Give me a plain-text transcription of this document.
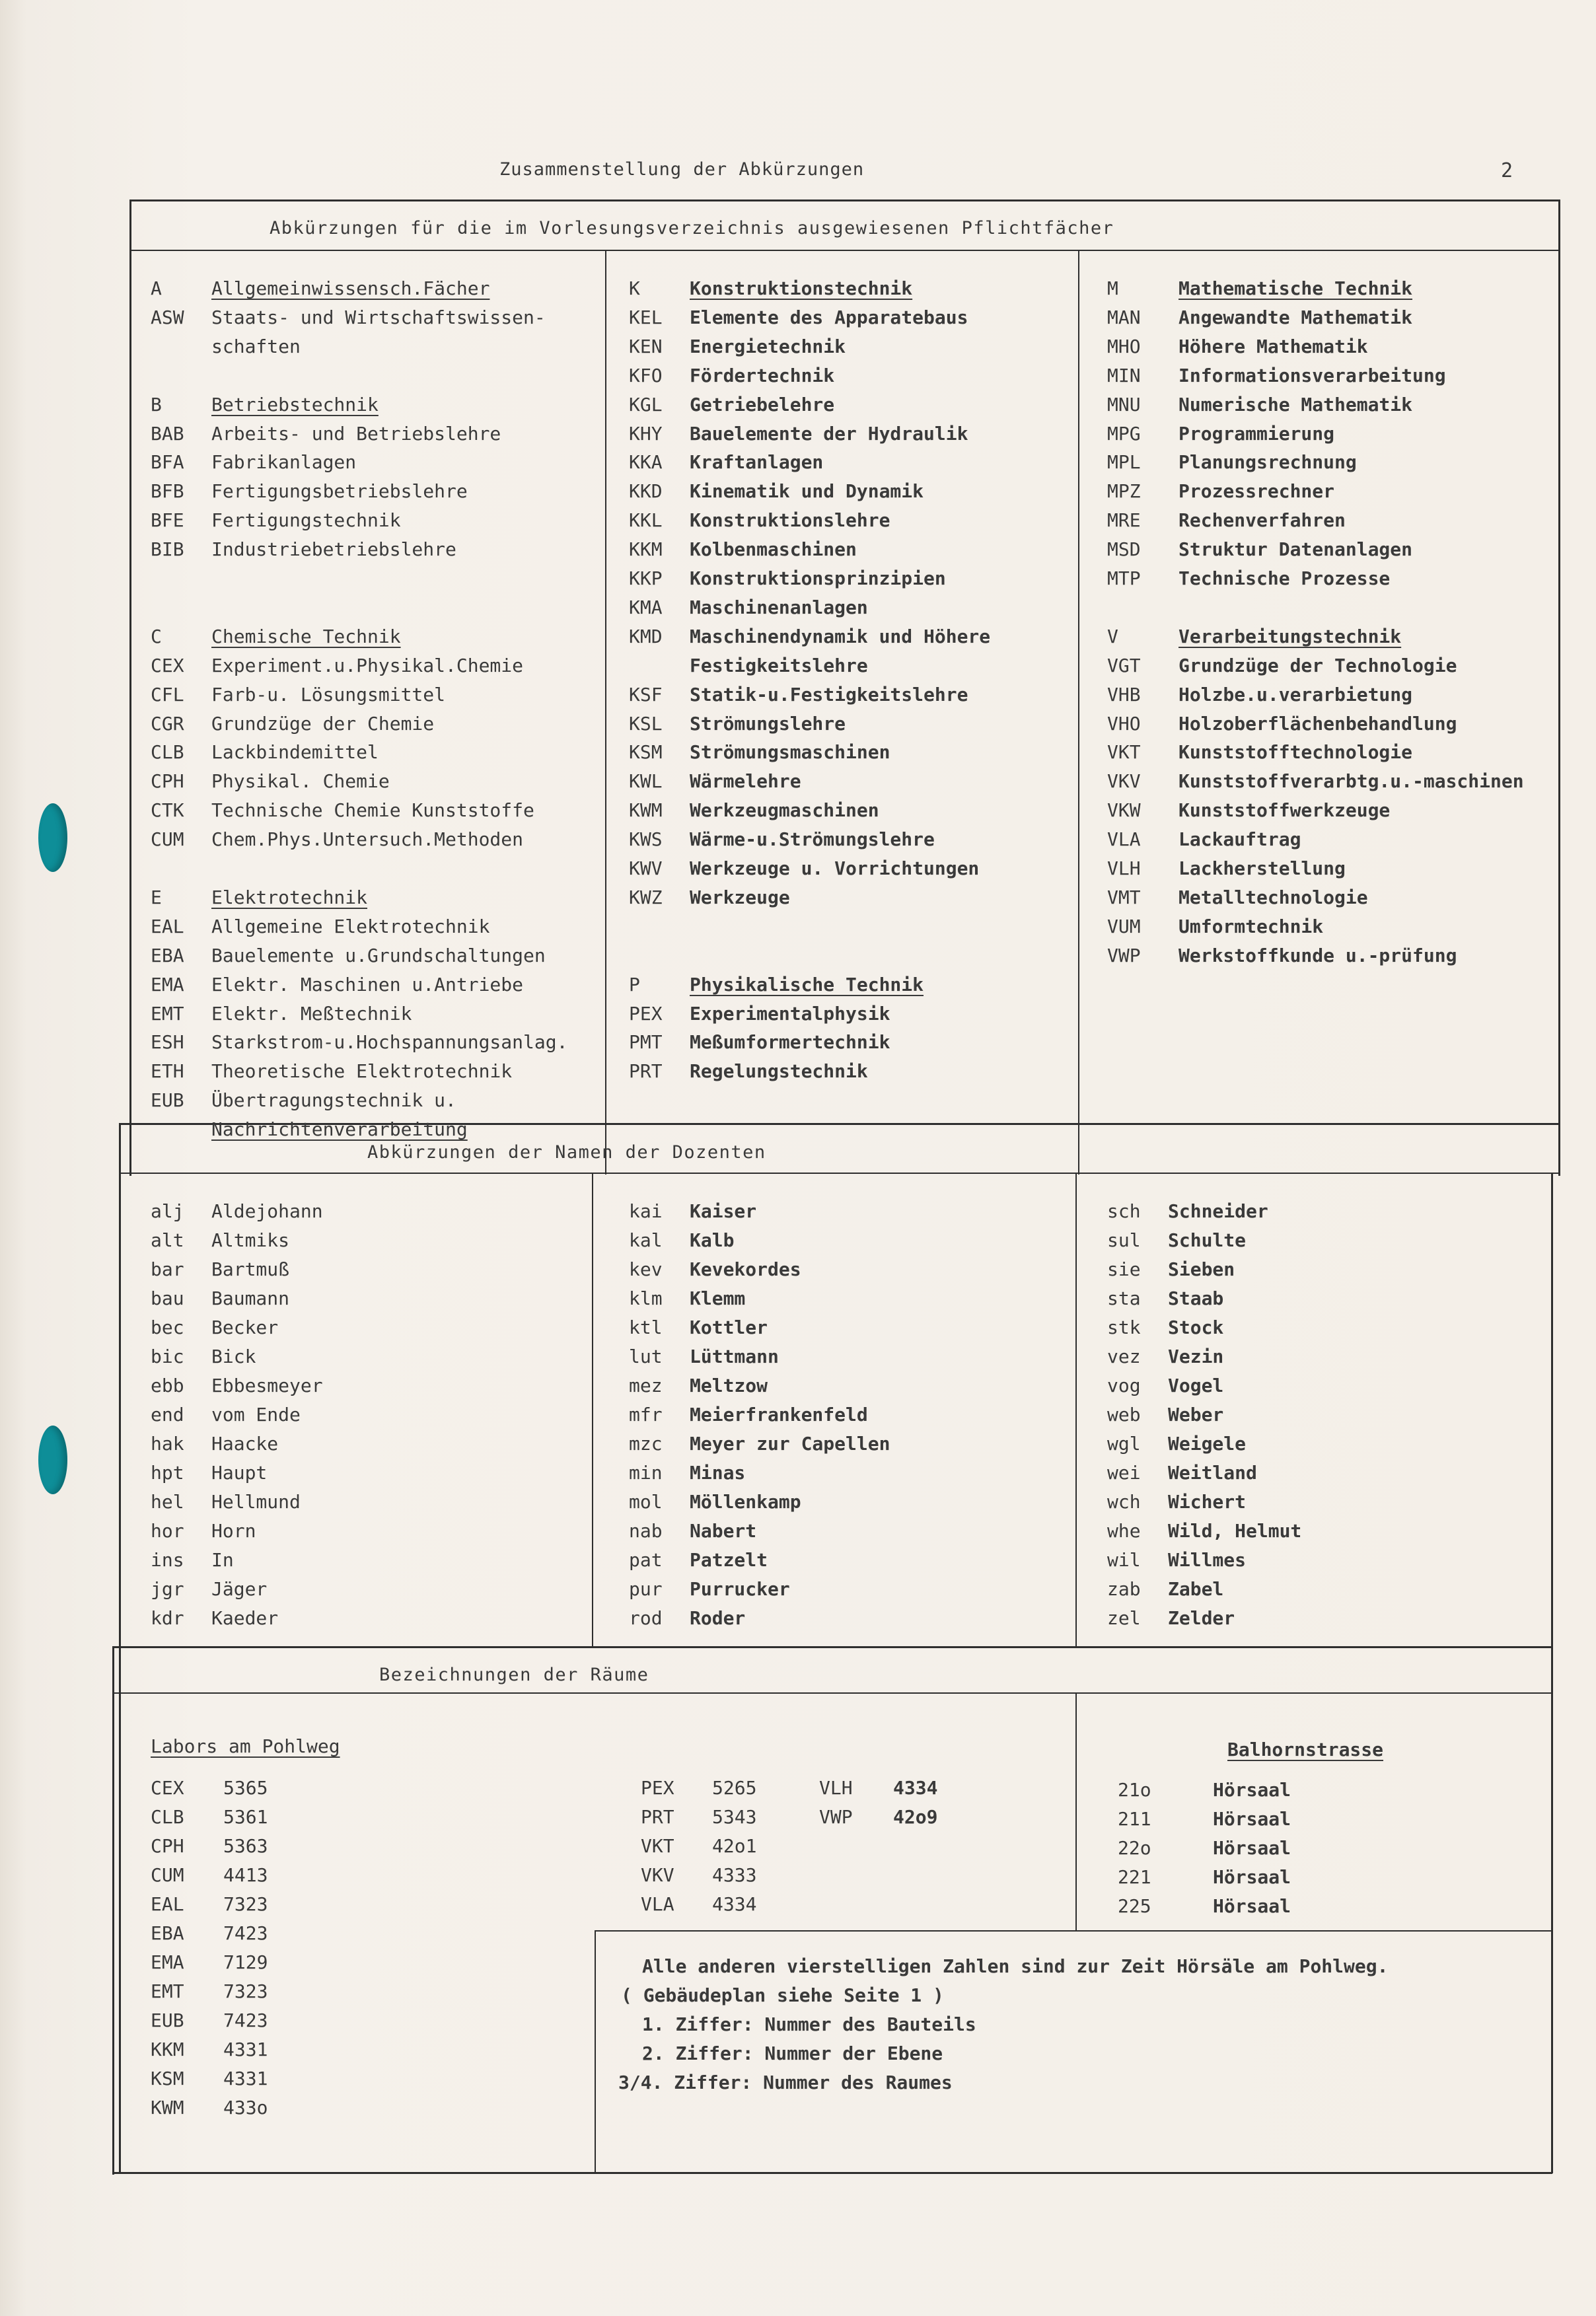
Zusammenstellung der Abkürzungen	2
Abkürzungen für die im Vorlesungsverzeichnis ausgewiesenen Pflichtfächer
Abkürzungen der Namen der Dozenten
Bezeichnungen der Räume
A	Allgemeinwissensch.Fächer
ASW Staats- und Wirtschaftswissen-
schaften
B	Betriebstechnik
BAB Arbeits- und Betriebslehre
BFA Fabrikanlagen
BFB Fertigungsbetriebslehre
BFE Fertigungstechnik
BIB Industriebetriebslehre
C	Chemische Technik
CEX Experiment.u.Physikal.Chemie
CFL Farb-u. Lösungsmittel
CGR Grundzüge der Chemie
CLB Lackbindemittel
CPH Physikal. Chemie
CTK Technische Chemie Kunststoffe
CUM Chem.Phys.Untersuch.Methoden
E	Elektrotechnik
EAL Allgemeine Elektrotechnik
EBA Bauelemente u.Grundschaltungen
EMA Elektr. Maschinen u.Antriebe
EMT Elektr. Meßtechnik
ESH Starkstrom-u.Hochspannungsanlag.
ETH Theoretische Elektrotechnik
EUB Übertragungstechnik u.
Nachrichtenverarbeitung
K	Konstruktionstechnik
KEL Elemente des Apparatebaus
KEN Energietechnik
KFO Fördertechnik
KGL Getriebelehre
KHY Bauelemente der Hydraulik
KKA Kraftanlagen
KKD Kinematik und Dynamik
KKL Konstruktionslehre
KKM Kolbenmaschinen
KKP Konstruktionsprinzipien
KMA Maschinenanlagen
KMD Maschinendynamik und Höhere
Festigkeitslehre
KSF Statik-u.Festigkeitslehre
KSL Strömungslehre
KSM Strömungsmaschinen
KWL Wärmelehre
KWM Werkzeugmaschinen
KWS Wärme-u.Strömungslehre
KWV Werkzeuge u. Vorrichtungen
KWZ Werkzeuge
P	Physikalische Technik
PEX Experimentalphysik
PMT Meßumformertechnik
PRT Regelungstechnik
M	Mathematische Technik
MAN Angewandte Mathematik
MHO Höhere Mathematik
MIN Informationsverarbeitung
MNU Numerische Mathematik
MPG Programmierung
MPL Planungsrechnung
MPZ Prozessrechner
MRE Rechenverfahren
MSD Struktur Datenanlagen
MTP Technische Prozesse
V	Verarbeitungstechnik
VGT Grundzüge der Technologie
VHB Holzbe.u.verarbietung
VHO Holzoberflächenbehandlung
VKT Kunststofftechnologie
VKV Kunststoffverarbtg.u.-maschinen
VKW Kunststoffwerkzeuge
VLA Lackauftrag
VLH Lackherstellung
VMT Metalltechnologie
VUM Umformtechnik
VWP Werkstoffkunde u.-prüfung
alj Aldejohann
alt Altmiks
bar Bartmuß
bau Baumann
bec Becker
bic Bick
ebb Ebbesmeyer
end vom Ende
hak Haacke
hpt Haupt
hel Hellmund
hor Horn
ins In
jgr Jäger
kdr Kaeder
kai Kaiser
kal Kalb
kev Kevekordes
klm Klemm
ktl Kottler
lut Lüttmann
mez Meltzow
mfr Meierfrankenfeld
mzc Meyer zur Capellen
min Minas
mol Möllenkamp
nab Nabert
pat Patzelt
pur Purrucker
rod Roder
sch Schneider
sul Schulte
sie Sieben
sta Staab
stk Stock
vez Vezin
vog Vogel
web Weber
wgl Weigele
wei Weitland
wch Wichert
whe Wild, Helmut
wil Willmes
zab Zabel
zel Zelder
Labors am Pohlweg
CEX 5365
CLB 5361
CPH 5363
CUM 4413
EAL 7323
EBA 7423
EMA 7129
EMT 7323
EUB 7423
KKM 4331
KSM 4331
KWM 433o
PEX 5265
PRT 5343
VKT 42o1
VKV 4333
VLA 4334
VLH 4334
VWP 42o9
Balhornstrasse
21o	Hörsaal
211	Hörsaal
22o	Hörsaal
221	Hörsaal
225	Hörsaal
Alle anderen vierstelligen Zahlen sind zur Zeit Hörsäle am Pohlweg.
( Gebäudeplan siehe Seite 1 )
1. Ziffer: Nummer des Bauteils
2. Ziffer: Nummer der Ebene
3/4. Ziffer: Nummer des Raumes
